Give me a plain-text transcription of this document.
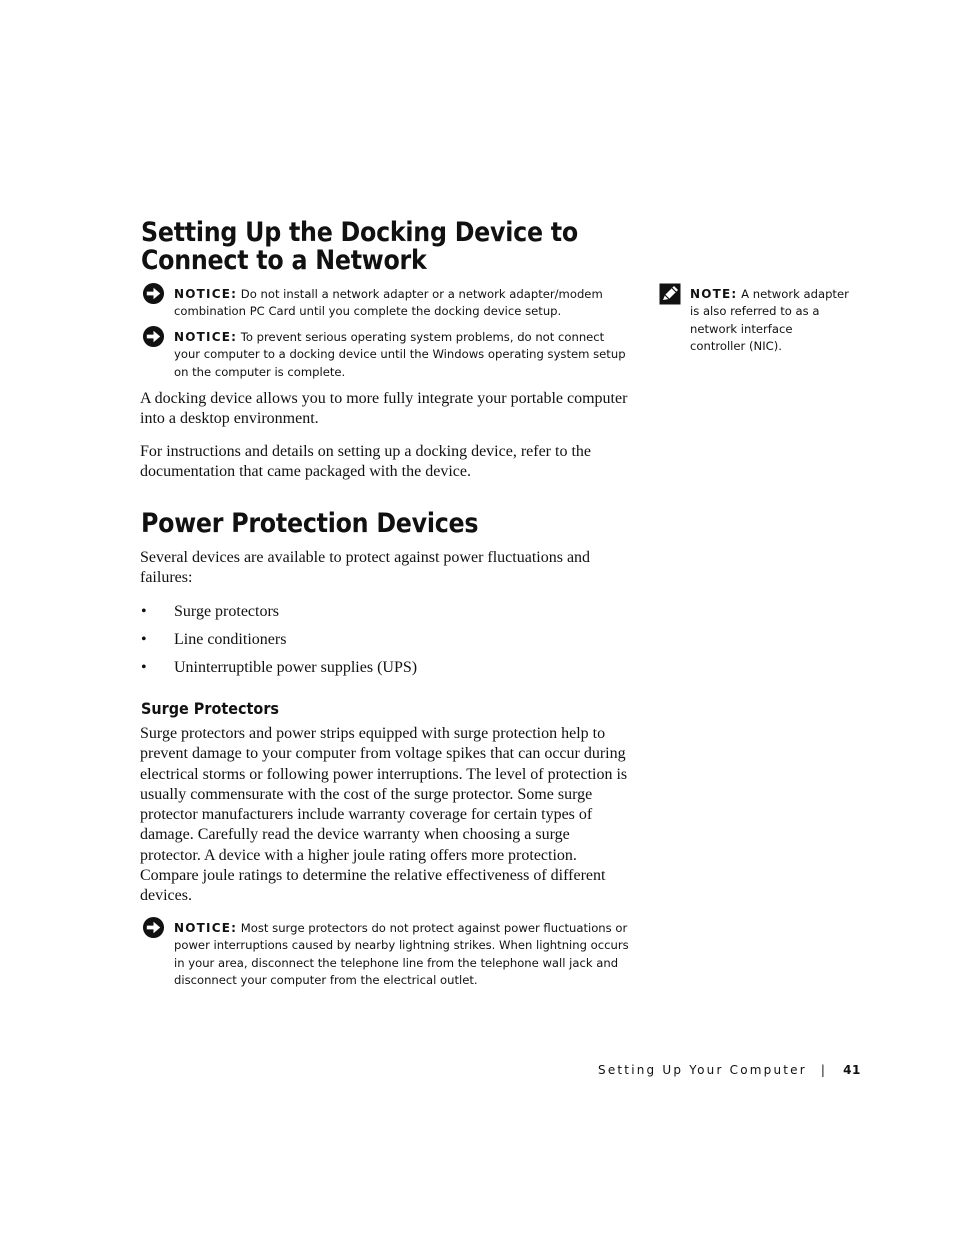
Setting Up the Docking Device to

Connect to a Network

NOTICE: Do not install a network adapter or a network adapter/modem combination PC Card until you complete the docking device setup.
NOTICE: To prevent serious operating system problems, do not connect your computer to a docking device until the Windows operating system setup on the computer is complete.
NOTE: A network adapter is also referred to as a network interface controller (NIC).

A docking device allows you to more fully integrate your portable computer into a desktop environment.

For instructions and details on setting up a docking device, refer to the documentation that came packaged with the device.

Power Protection Devices

Several devices are available to protect against power fluctuations and failures:

• Surge protectors
• Line conditioners
• Uninterruptible power supplies (UPS)

Surge Protectors

Surge protectors and power strips equipped with surge protection help to prevent damage to your computer from voltage spikes that can occur during electrical storms or following power interruptions. The level of protection is usually commensurate with the cost of the surge protector. Some surge protector manufacturers include warranty coverage for certain types of damage. Carefully read the device warranty when choosing a surge protector. A device with a higher joule rating offers more protection. Compare joule ratings to determine the relative effectiveness of different devices.

NOTICE: Most surge protectors do not protect against power fluctuations or power interruptions caused by nearby lightning strikes. When lightning occurs in your area, disconnect the telephone line from the telephone wall jack and disconnect your computer from the electrical outlet.
Setting Up Your Computer | 41
